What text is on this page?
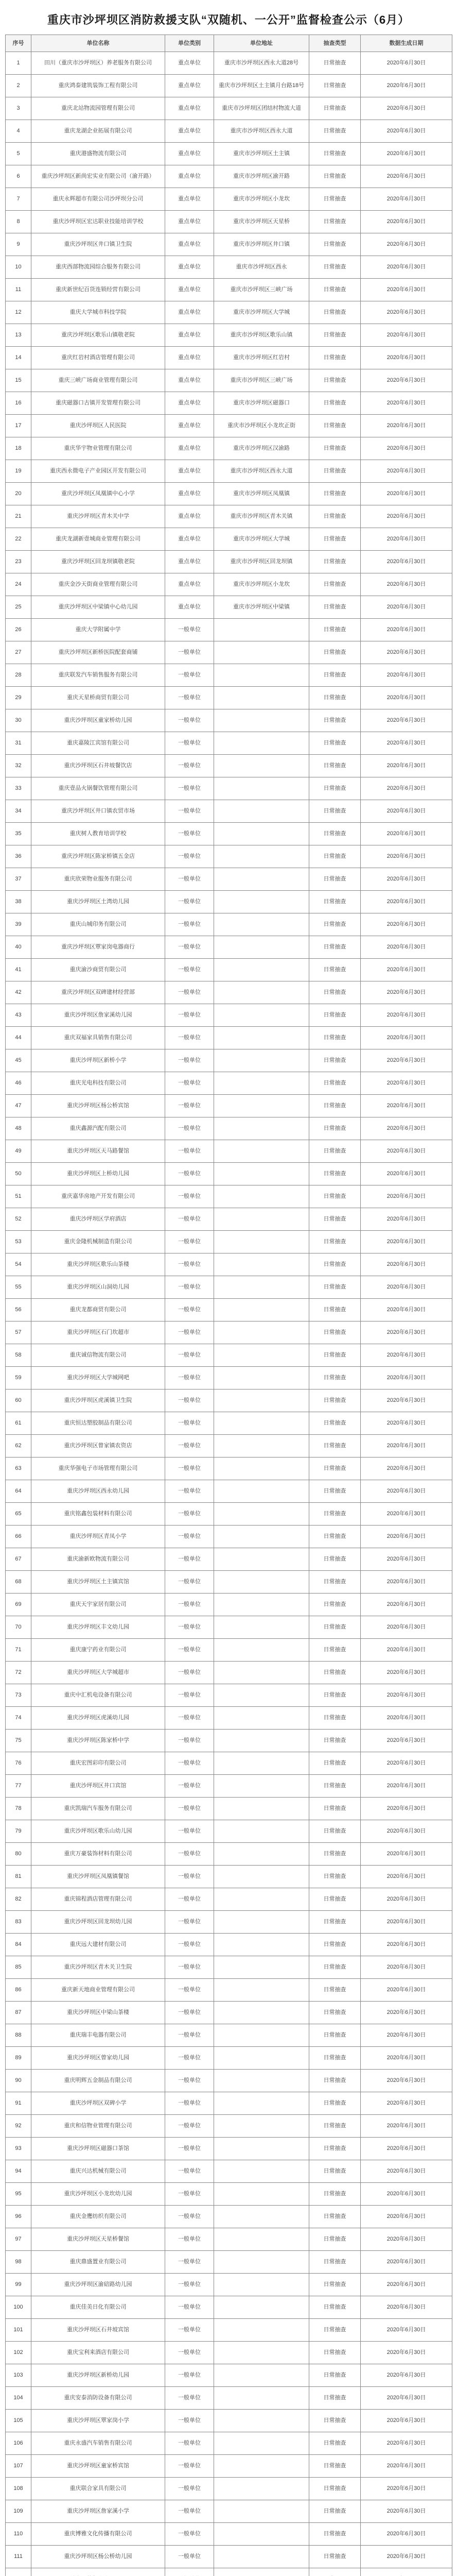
重庆市沙坪坝区消防救援支队“双随机、一公开”监督检查公示（6月）
序号	单位名称	单位类别	单位地址	抽查类型	数据生成日期
1	田川（重庆市沙坪坝区）养老服务有限公司	重点单位	重庆市沙坪坝区西永大道28号	日常抽查	2020年6月30日
2	重庆鸿泰建筑装饰工程有限公司	重点单位	重庆市沙坪坝区土主镇月台路18号	日常抽查	2020年6月30日
3	重庆北站物流园管理有限公司	重点单位	重庆市沙坪坝区团结村物流大道	日常抽查	2020年6月30日
4	重庆龙湖企业拓展有限公司	重点单位	重庆市沙坪坝区西永大道	日常抽查	2020年6月30日
5	重庆港盛物流有限公司	重点单位	重庆市沙坪坝区土主镇	日常抽查	2020年6月30日
6	重庆沙坪坝区新尚宏实业有限公司（渝开路）	重点单位	重庆市沙坪坝区渝开路	日常抽查	2020年6月30日
7	重庆永辉超市有限公司沙坪坝分公司	重点单位	重庆市沙坪坝区小龙坎	日常抽查	2020年6月30日
8	重庆沙坪坝区宏达职业技能培训学校	重点单位	重庆市沙坪坝区天星桥	日常抽查	2020年6月30日
9	重庆沙坪坝区井口镇卫生院	重点单位	重庆市沙坪坝区井口镇	日常抽查	2020年6月30日
10	重庆西部物流园综合服务有限公司	重点单位	重庆市沙坪坝区西永	日常抽查	2020年6月30日
11	重庆新世纪百货连锁经营有限公司	重点单位	重庆市沙坪坝区三峡广场	日常抽查	2020年6月30日
12	重庆大学城市科技学院	重点单位	重庆市沙坪坝区大学城	日常抽查	2020年6月30日
13	重庆沙坪坝区歌乐山镇敬老院	重点单位	重庆市沙坪坝区歌乐山镇	日常抽查	2020年6月30日
14	重庆红岩村酒店管理有限公司	重点单位	重庆市沙坪坝区红岩村	日常抽查	2020年6月30日
15	重庆三峡广场商业管理有限公司	重点单位	重庆市沙坪坝区三峡广场	日常抽查	2020年6月30日
16	重庆磁器口古镇开发管理有限公司	重点单位	重庆市沙坪坝区磁器口	日常抽查	2020年6月30日
17	重庆沙坪坝区人民医院	重点单位	重庆市沙坪坝区小龙坎正街	日常抽查	2020年6月30日
18	重庆华宇物业管理有限公司	重点单位	重庆市沙坪坝区汉渝路	日常抽查	2020年6月30日
19	重庆西永微电子产业园区开发有限公司	重点单位	重庆市沙坪坝区西永大道	日常抽查	2020年6月30日
20	重庆沙坪坝区凤凰镇中心小学	重点单位	重庆市沙坪坝区凤凰镇	日常抽查	2020年6月30日
21	重庆沙坪坝区青木关中学	重点单位	重庆市沙坪坝区青木关镇	日常抽查	2020年6月30日
22	重庆龙湖新壹城商业管理有限公司	重点单位	重庆市沙坪坝区大学城	日常抽查	2020年6月30日
23	重庆沙坪坝区回龙坝镇敬老院	重点单位	重庆市沙坪坝区回龙坝镇	日常抽查	2020年6月30日
24	重庆金沙天街商业管理有限公司	重点单位	重庆市沙坪坝区小龙坎	日常抽查	2020年6月30日
25	重庆沙坪坝区中梁镇中心幼儿园	重点单位	重庆市沙坪坝区中梁镇	日常抽查	2020年6月30日
26	重庆大学附属中学	一般单位		日常抽查	2020年6月30日
27	重庆沙坪坝区新桥医院配套商铺	一般单位		日常抽查	2020年6月30日
28	重庆联发汽车销售服务有限公司	一般单位		日常抽查	2020年6月30日
29	重庆天星桥商贸有限公司	一般单位		日常抽查	2020年6月30日
30	重庆沙坪坝区童家桥幼儿园	一般单位		日常抽查	2020年6月30日
31	重庆嘉陵江宾馆有限公司	一般单位		日常抽查	2020年6月30日
32	重庆沙坪坝区石井坡餐饮店	一般单位		日常抽查	2020年6月30日
33	重庆壹品火锅餐饮管理有限公司	一般单位		日常抽查	2020年6月30日
34	重庆沙坪坝区井口镇农贸市场	一般单位		日常抽查	2020年6月30日
35	重庆树人教育培训学校	一般单位		日常抽查	2020年6月30日
36	重庆沙坪坝区陈家桥镇五金店	一般单位		日常抽查	2020年6月30日
37	重庆欣荣物业服务有限公司	一般单位		日常抽查	2020年6月30日
38	重庆沙坪坝区土湾幼儿园	一般单位		日常抽查	2020年6月30日
39	重庆山城印务有限公司	一般单位		日常抽查	2020年6月30日
40	重庆沙坪坝区覃家岗电器商行	一般单位		日常抽查	2020年6月30日
41	重庆渝沙商贸有限公司	一般单位		日常抽查	2020年6月30日
42	重庆沙坪坝区双碑建材经营部	一般单位		日常抽查	2020年6月30日
43	重庆沙坪坝区詹家溪幼儿园	一般单位		日常抽查	2020年6月30日
44	重庆双福家具销售有限公司	一般单位		日常抽查	2020年6月30日
45	重庆沙坪坝区新桥小学	一般单位		日常抽查	2020年6月30日
46	重庆光电科技有限公司	一般单位		日常抽查	2020年6月30日
47	重庆沙坪坝区杨公桥宾馆	一般单位		日常抽查	2020年6月30日
48	重庆鑫源汽配有限公司	一般单位		日常抽查	2020年6月30日
49	重庆沙坪坝区天马路餐馆	一般单位		日常抽查	2020年6月30日
50	重庆沙坪坝区上桥幼儿园	一般单位		日常抽查	2020年6月30日
51	重庆嘉华房地产开发有限公司	一般单位		日常抽查	2020年6月30日
52	重庆沙坪坝区学府酒店	一般单位		日常抽查	2020年6月30日
53	重庆金隆机械制造有限公司	一般单位		日常抽查	2020年6月30日
54	重庆沙坪坝区歌乐山茶楼	一般单位		日常抽查	2020年6月30日
55	重庆沙坪坝区山洞幼儿园	一般单位		日常抽查	2020年6月30日
56	重庆龙都商贸有限公司	一般单位		日常抽查	2020年6月30日
57	重庆沙坪坝区石门坎超市	一般单位		日常抽查	2020年6月30日
58	重庆诚信物流有限公司	一般单位		日常抽查	2020年6月30日
59	重庆沙坪坝区大学城网吧	一般单位		日常抽查	2020年6月30日
60	重庆沙坪坝区虎溪镇卫生院	一般单位		日常抽查	2020年6月30日
61	重庆恒达塑胶制品有限公司	一般单位		日常抽查	2020年6月30日
62	重庆沙坪坝区曾家镇农资店	一般单位		日常抽查	2020年6月30日
63	重庆华强电子市场管理有限公司	一般单位		日常抽查	2020年6月30日
64	重庆沙坪坝区西永幼儿园	一般单位		日常抽查	2020年6月30日
65	重庆铭鑫包装材料有限公司	一般单位		日常抽查	2020年6月30日
66	重庆沙坪坝区青凤小学	一般单位		日常抽查	2020年6月30日
67	重庆渝新欧物流有限公司	一般单位		日常抽查	2020年6月30日
68	重庆沙坪坝区土主镇宾馆	一般单位		日常抽查	2020年6月30日
69	重庆天宇家居有限公司	一般单位		日常抽查	2020年6月30日
70	重庆沙坪坝区丰文幼儿园	一般单位		日常抽查	2020年6月30日
71	重庆康宁药业有限公司	一般单位		日常抽查	2020年6月30日
72	重庆沙坪坝区大学城超市	一般单位		日常抽查	2020年6月30日
73	重庆中汇机电设备有限公司	一般单位		日常抽查	2020年6月30日
74	重庆沙坪坝区虎溪幼儿园	一般单位		日常抽查	2020年6月30日
75	重庆沙坪坝区陈家桥中学	一般单位		日常抽查	2020年6月30日
76	重庆宏图彩印有限公司	一般单位		日常抽查	2020年6月30日
77	重庆沙坪坝区井口宾馆	一般单位		日常抽查	2020年6月30日
78	重庆凯瑞汽车服务有限公司	一般单位		日常抽查	2020年6月30日
79	重庆沙坪坝区歌乐山幼儿园	一般单位		日常抽查	2020年6月30日
80	重庆万豪装饰材料有限公司	一般单位		日常抽查	2020年6月30日
81	重庆沙坪坝区凤凰镇餐馆	一般单位		日常抽查	2020年6月30日
82	重庆锦程酒店管理有限公司	一般单位		日常抽查	2020年6月30日
83	重庆沙坪坝区回龙坝幼儿园	一般单位		日常抽查	2020年6月30日
84	重庆远大建材有限公司	一般单位		日常抽查	2020年6月30日
85	重庆沙坪坝区青木关卫生院	一般单位		日常抽查	2020年6月30日
86	重庆新天地商业管理有限公司	一般单位		日常抽查	2020年6月30日
87	重庆沙坪坝区中梁山茶楼	一般单位		日常抽查	2020年6月30日
88	重庆瑞丰电器有限公司	一般单位		日常抽查	2020年6月30日
89	重庆沙坪坝区曾家幼儿园	一般单位		日常抽查	2020年6月30日
90	重庆明辉五金制品有限公司	一般单位		日常抽查	2020年6月30日
91	重庆沙坪坝区双碑小学	一般单位		日常抽查	2020年6月30日
92	重庆和信物业管理有限公司	一般单位		日常抽查	2020年6月30日
93	重庆沙坪坝区磁器口茶馆	一般单位		日常抽查	2020年6月30日
94	重庆兴达机械有限公司	一般单位		日常抽查	2020年6月30日
95	重庆沙坪坝区小龙坎幼儿园	一般单位		日常抽查	2020年6月30日
96	重庆金鹰纺织有限公司	一般单位		日常抽查	2020年6月30日
97	重庆沙坪坝区天星桥餐馆	一般单位		日常抽查	2020年6月30日
98	重庆鼎盛置业有限公司	一般单位		日常抽查	2020年6月30日
99	重庆沙坪坝区渝碚路幼儿园	一般单位		日常抽查	2020年6月30日
100	重庆佳美日化有限公司	一般单位		日常抽查	2020年6月30日
101	重庆沙坪坝区石井坡宾馆	一般单位		日常抽查	2020年6月30日
102	重庆宝利来酒店有限公司	一般单位		日常抽查	2020年6月30日
103	重庆沙坪坝区新桥幼儿园	一般单位		日常抽查	2020年6月30日
104	重庆安泰消防设备有限公司	一般单位		日常抽查	2020年6月30日
105	重庆沙坪坝区覃家岗小学	一般单位		日常抽查	2020年6月30日
106	重庆永盛汽车销售有限公司	一般单位		日常抽查	2020年6月30日
107	重庆沙坪坝区童家桥宾馆	一般单位		日常抽查	2020年6月30日
108	重庆联合家具有限公司	一般单位		日常抽查	2020年6月30日
109	重庆沙坪坝区詹家溪小学	一般单位		日常抽查	2020年6月30日
110	重庆博雅文化传播有限公司	一般单位		日常抽查	2020年6月30日
111	重庆沙坪坝区杨公桥幼儿园	一般单位		日常抽查	2020年6月30日
